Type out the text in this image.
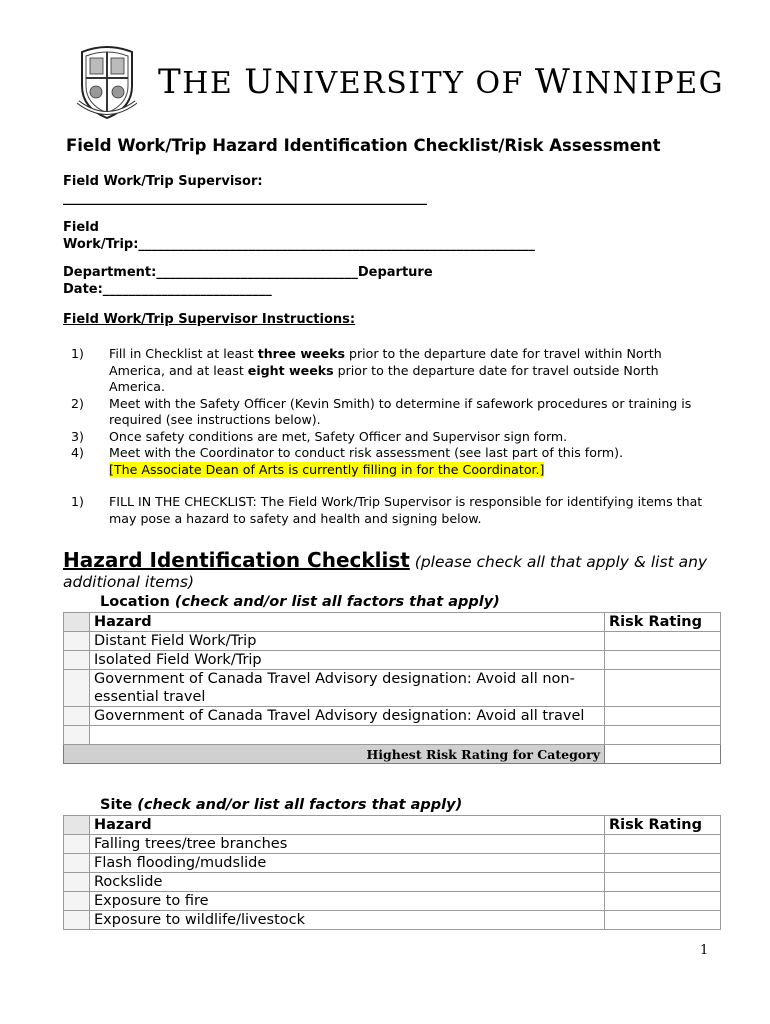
THE UNIVERSITY OF WINNIPEG
Field Work/Trip Hazard Identification Checklist/Risk Assessment
Field Work/Trip Supervisor:
________________________________________________________
Field
Work/Trip:_____________________________________________________________
Department:_______________________________Departure
Date:__________________________
Field Work/Trip Supervisor Instructions:
1) Fill in Checklist at least three weeks prior to the departure date for travel within North America, and at least eight weeks prior to the departure date for travel outside North America.
2) Meet with the Safety Officer (Kevin Smith) to determine if safework procedures or training is required (see instructions below).
3) Once safety conditions are met, Safety Officer and Supervisor sign form.
4) Meet with the Coordinator to conduct risk assessment (see last part of this form).
[The Associate Dean of Arts is currently filling in for the Coordinator.]
1) FILL IN THE CHECKLIST: The Field Work/Trip Supervisor is responsible for identifying items that may pose a hazard to safety and health and signing below.
Hazard Identification Checklist (please check all that apply & list any additional items)
Location (check and/or list all factors that apply)
	Hazard	Risk Rating
	Distant Field Work/Trip	
	Isolated Field Work/Trip	
	Government of Canada Travel Advisory designation: Avoid all non-essential travel	
	Government of Canada Travel Advisory designation: Avoid all travel	

Highest Risk Rating for Category		
Site (check and/or list all factors that apply)
	Hazard	Risk Rating
	Falling trees/tree branches	
	Flash flooding/mudslide	
	Rockslide	
	Exposure to fire	
	Exposure to wildlife/livestock	
1
